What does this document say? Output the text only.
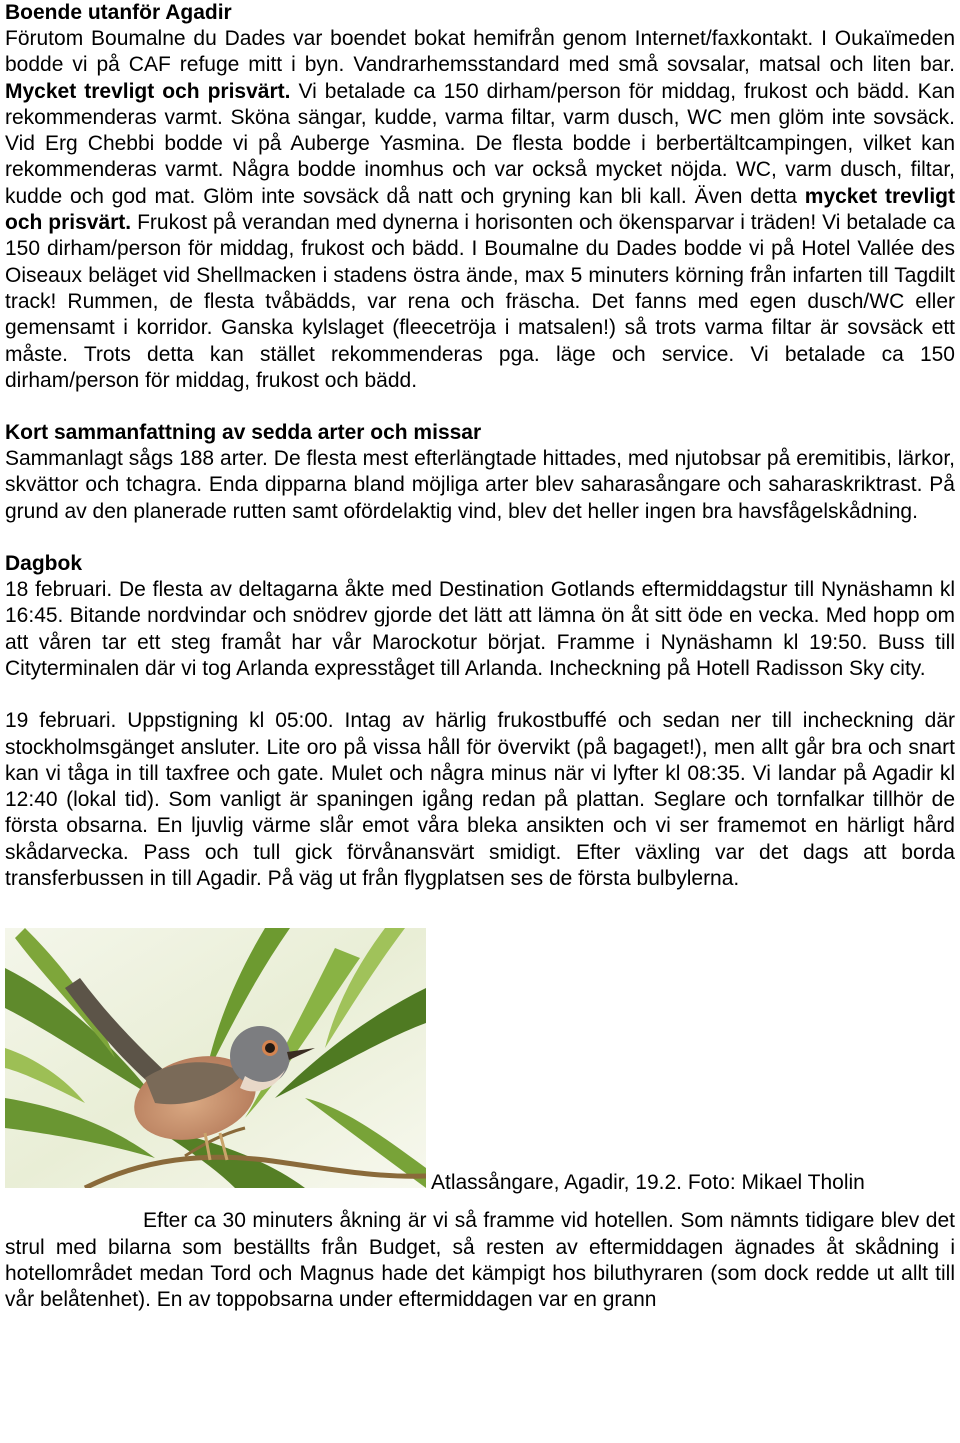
Boende utanför Agadir

Förutom Boumalne du Dades var boendet bokat hemifrån genom Internet/faxkontakt. I Oukaïmeden bodde vi på CAF refuge mitt i byn. Vandrarhemsstandard med små sovsalar, matsal och liten bar. Mycket trevligt och prisvärt. Vi betalade ca 150 dirham/person för middag, frukost och bädd. Kan rekommenderas varmt. Sköna sängar, kudde, varma filtar, varm dusch, WC men glöm inte sovsäck. Vid Erg Chebbi bodde vi på Auberge Yasmina. De flesta bodde i berbertältcampingen, vilket kan rekommenderas varmt. Några bodde inomhus och var också mycket nöjda. WC, varm dusch, filtar, kudde och god mat. Glöm inte sovsäck då natt och gryning kan bli kall. Även detta mycket trevligt och prisvärt. Frukost på verandan med dynerna i horisonten och ökensparvar i träden! Vi betalade ca 150 dirham/person för middag, frukost och bädd. I Boumalne du Dades bodde vi på Hotel Vallée des Oiseaux beläget vid Shellmacken i stadens östra ände, max 5 minuters körning från infarten till Tagdilt track! Rummen, de flesta tvåbädds, var rena och fräscha. Det fanns med egen dusch/WC eller gemensamt i korridor. Ganska kylslaget (fleecetröja i matsalen!) så trots varma filtar är sovsäck ett måste. Trots detta kan stället rekommenderas pga. läge och service. Vi betalade ca 150 dirham/person för middag, frukost och bädd.

Kort sammanfattning av sedda arter och missar

Sammanlagt sågs 188 arter. De flesta mest efterlängtade hittades, med njutobsar på eremitibis, lärkor, skvättor och tchagra. Enda dipparna bland möjliga arter blev saharasångare och saharaskriktrast. På grund av den planerade rutten samt ofördelaktig vind, blev det heller ingen bra havsfågelskådning.

Dagbok

18 februari. De flesta av deltagarna åkte med Destination Gotlands eftermiddagstur till Nynäshamn kl 16:45. Bitande nordvindar och snödrev gjorde det lätt att lämna ön åt sitt öde en vecka. Med hopp om att våren tar ett steg framåt har vår Marockotur börjat. Framme i Nynäshamn kl 19:50. Buss till Cityterminalen där vi tog Arlanda expresståget till Arlanda. Incheckning på Hotell Radisson Sky city.

19 februari. Uppstigning kl 05:00. Intag av härlig frukostbuffé och sedan ner till incheckning där stockholmsgänget ansluter. Lite oro på vissa håll för övervikt (på bagaget!), men allt går bra och snart kan vi tåga in till taxfree och gate. Mulet och några minus när vi lyfter kl 08:35. Vi landar på Agadir kl 12:40 (lokal tid). Som vanligt är spaningen igång redan på plattan. Seglare och tornfalkar tillhör de första obsarna. En ljuvlig värme slår emot våra bleka ansikten och vi ser framemot en härligt hård skådarvecka. Pass och tull gick förvånansvärt smidigt. Efter växling var det dags att borda transferbussen in till Agadir. På väg ut från flygplatsen ses de första bulbylerna.

Atlassångare, Agadir, 19.2. Foto: Mikael Tholin

Efter ca 30 minuters åkning är vi så framme vid hotellen. Som nämnts tidigare blev det strul med bilarna som beställts från Budget, så resten av eftermiddagen ägnades åt skådning i hotellområdet medan Tord och Magnus hade det kämpigt hos biluthyraren (som dock redde ut allt till vår belåtenhet). En av toppobsarna under eftermiddagen var en grann
